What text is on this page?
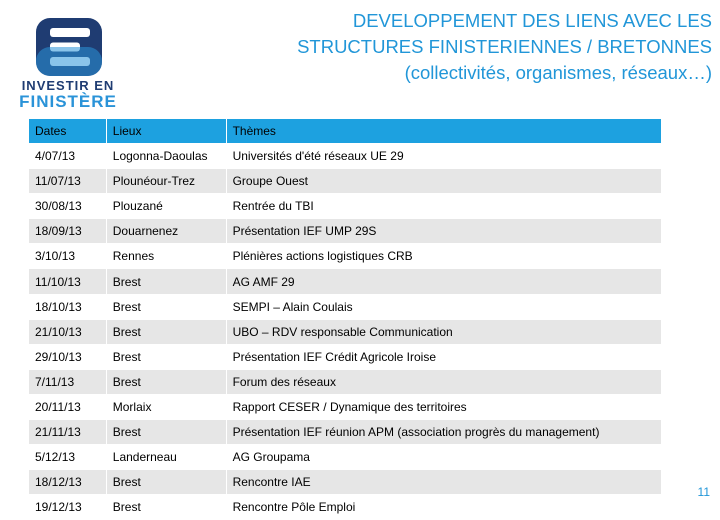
INVESTIR EN
FINISTÈRE
DEVELOPPEMENT DES LIENS AVEC LES
STRUCTURES FINISTERIENNES / BRETONNES
(collectivités, organismes, réseaux…)
Dates	Lieux	Thèmes
4/07/13	Logonna-Daoulas	Universités d'été réseaux UE 29
11/07/13	Plounéour-Trez	Groupe Ouest
30/08/13	Plouzané	Rentrée du TBI
18/09/13	Douarnenez	Présentation IEF UMP 29S
3/10/13	Rennes	Plénières actions logistiques CRB
11/10/13	Brest	AG AMF 29
18/10/13	Brest	SEMPI – Alain Coulais
21/10/13	Brest	UBO – RDV responsable Communication
29/10/13	Brest	Présentation IEF Crédit Agricole Iroise
7/11/13	Brest	Forum des réseaux
20/11/13	Morlaix	Rapport CESER / Dynamique des territoires
21/11/13	Brest	Présentation IEF réunion APM (association progrès du management)
5/12/13	Landerneau	AG Groupama
18/12/13	Brest	Rencontre IAE
19/12/13	Brest	Rencontre Pôle Emploi
11
